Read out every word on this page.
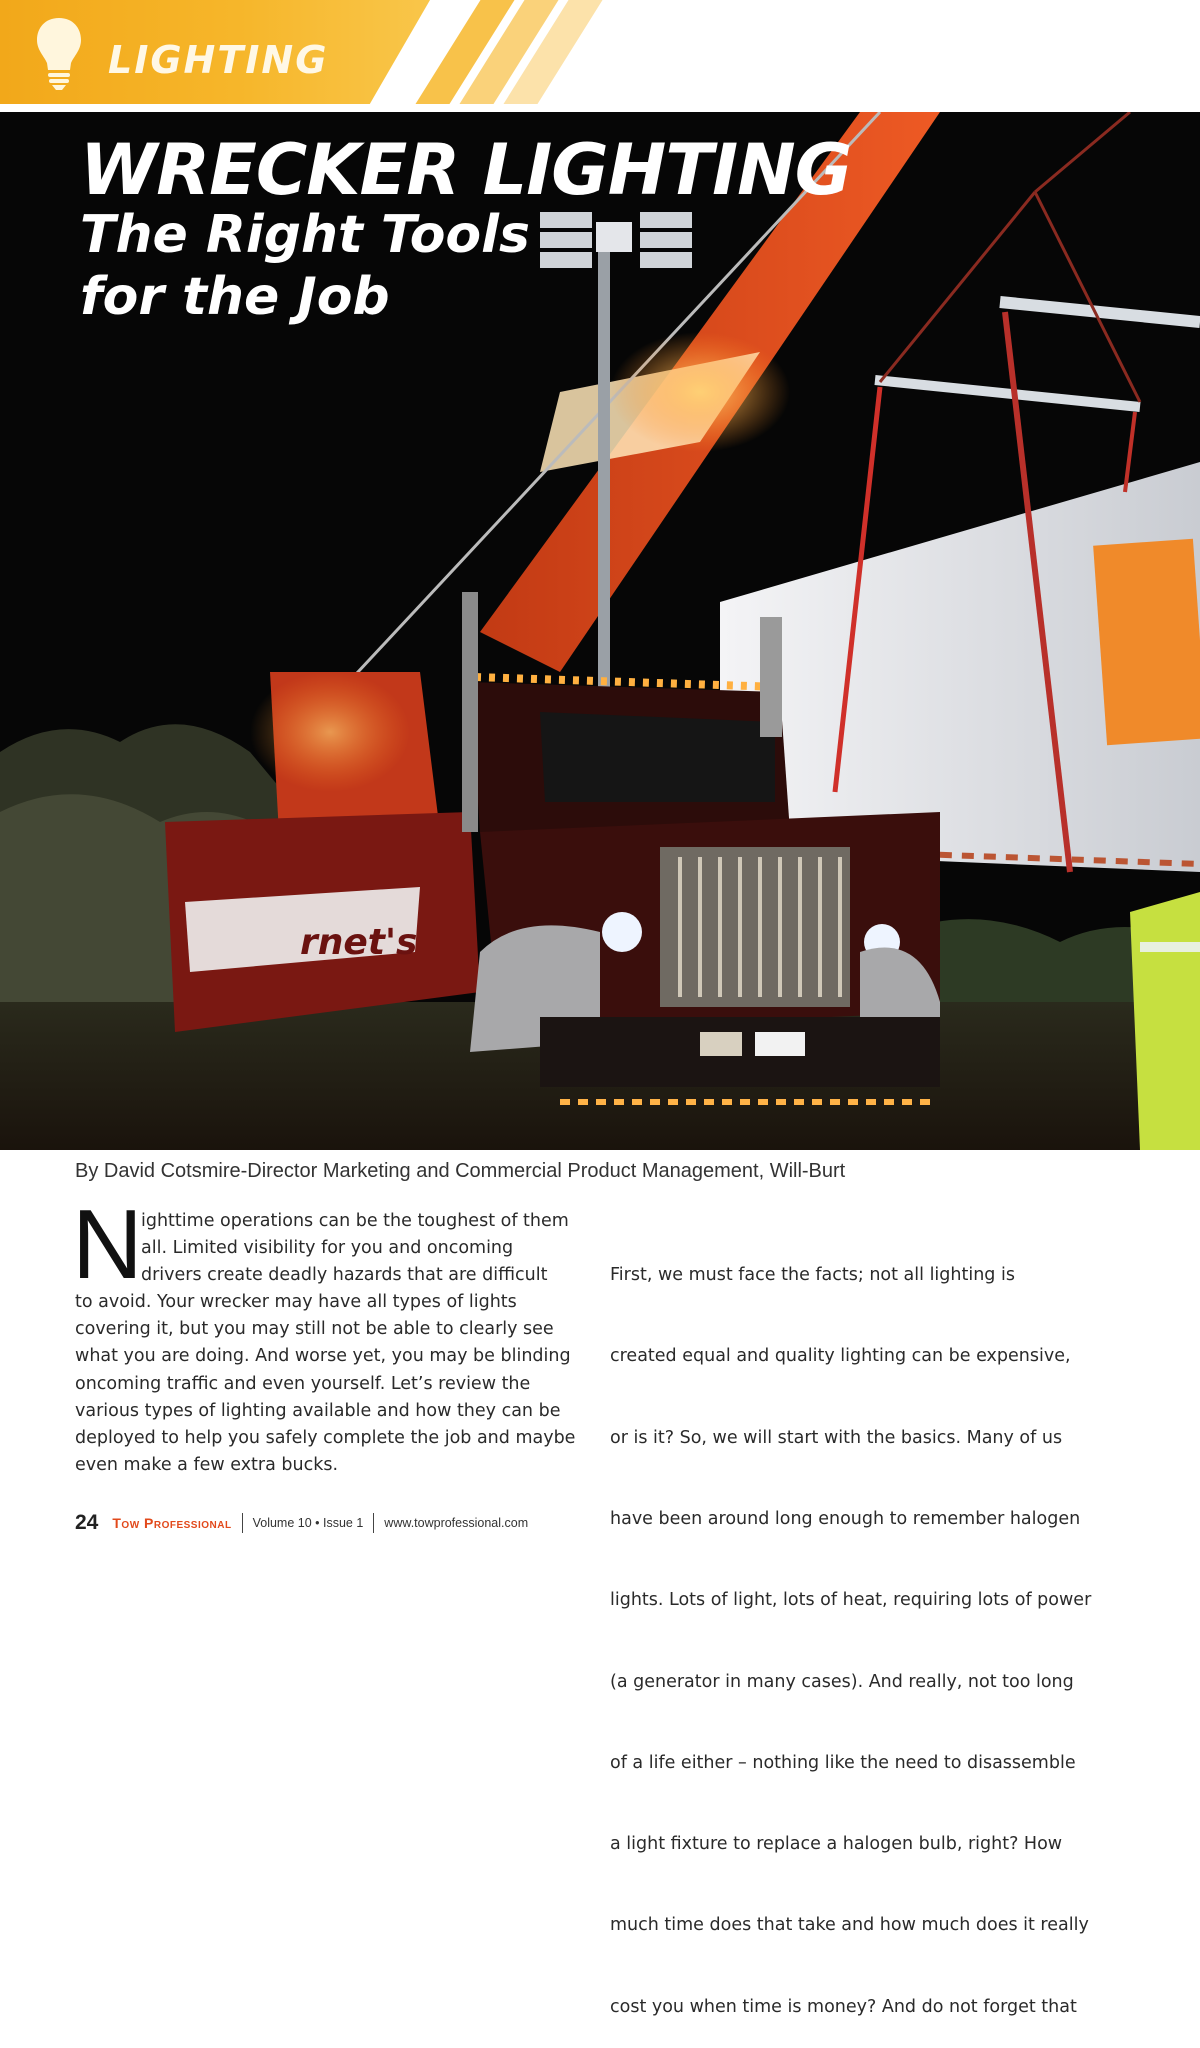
LIGHTING
rnet's
WRECKER LIGHTING
The Right Tools
for the Job
By David Cotsmire-Director Marketing and Commercial Product Management, Will-Burt
N
ighttime operations can be the toughest of them
all. Limited visibility for you and oncoming
drivers create deadly hazards that are difficult
to avoid. Your wrecker may have all types of lights
covering it, but you may still not be able to clearly see
what you are doing. And worse yet, you may be blinding
oncoming traffic and even yourself. Let’s review the
various types of lighting available and how they can be
deployed to help you safely complete the job and maybe
even make a few extra bucks.

First, we must face the facts; not all lighting is

created equal and quality lighting can be expensive,

or is it? So, we will start with the basics. Many of us

have been around long enough to remember halogen

lights. Lots of light, lots of heat, requiring lots of power

(a generator in many cases). And really, not too long

of a life either – nothing like the need to disassemble

a light fixture to replace a halogen bulb, right? How

much time does that take and how much does it really

cost you when time is money? And do not forget that

24 Tow Professional Volume 10 • Issue 1 www.towprofessional.com
